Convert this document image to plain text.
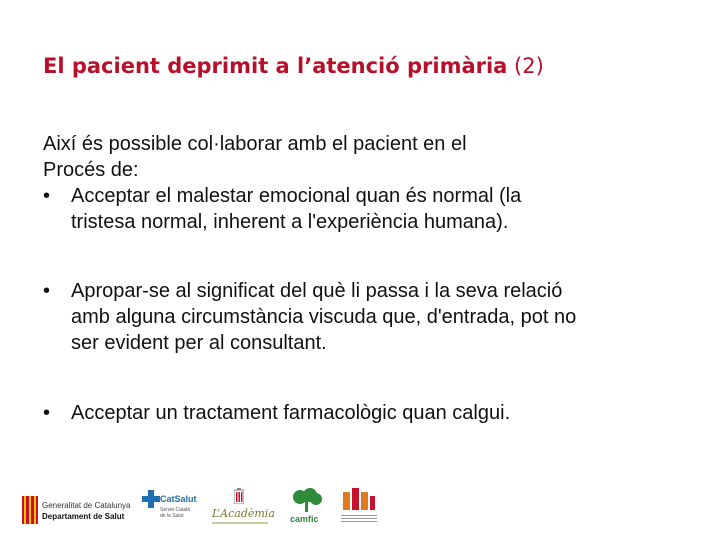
El pacient deprimit a l’atenció primària (2)
Així és possible col·laborar amb el pacient en el
Procés de:
•	Acceptar el malestar emocional quan és normal (la
tristesa normal, inherent a l'experiència humana).
•	Apropar-se al significat del què li passa i la seva relació
amb alguna circumstància viscuda que, d'entrada, pot no
ser evident per al consultant.
•	Acceptar un tractament farmacològic quan calgui.
Generalitat de Catalunya
Departament de Salut
CatSalut
Servei Català
de la Salut	L’Acadèmia camfic
